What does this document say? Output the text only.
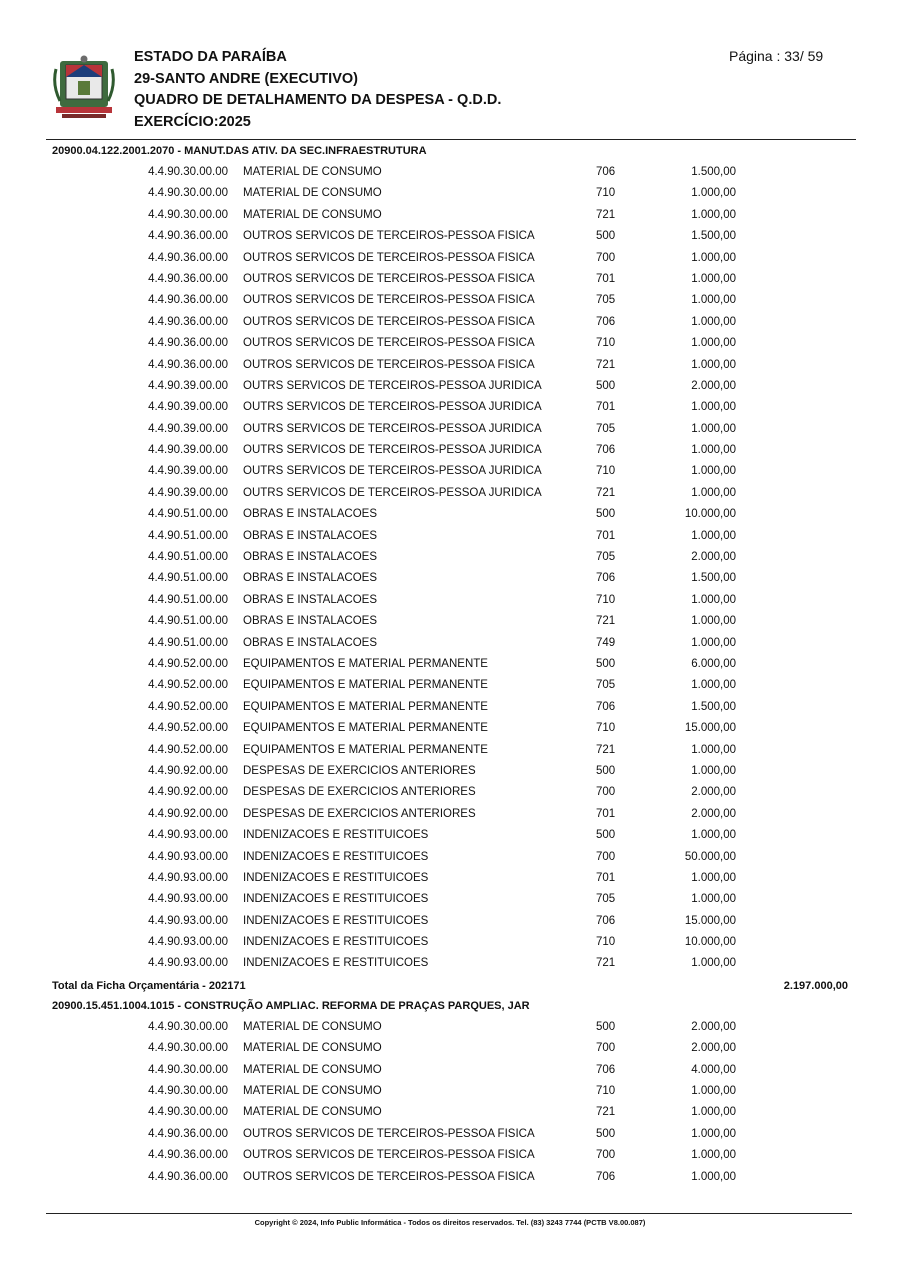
ESTADO DA PARAÍBA
29-SANTO ANDRE (EXECUTIVO)
QUADRO DE DETALHAMENTO DA DESPESA - Q.D.D.
EXERCÍCIO:2025
Página : 33/ 59
20900.04.122.2001.2070 - MANUT.DAS ATIV. DA SEC.INFRAESTRUTURA
4.4.90.30.00.00 MATERIAL DE CONSUMO	706	1.500,00
4.4.90.30.00.00 MATERIAL DE CONSUMO	710	1.000,00
4.4.90.30.00.00 MATERIAL DE CONSUMO	721	1.000,00
4.4.90.36.00.00 OUTROS SERVICOS DE TERCEIROS-PESSOA FISICA	500	1.500,00
4.4.90.36.00.00 OUTROS SERVICOS DE TERCEIROS-PESSOA FISICA	700	1.000,00
4.4.90.36.00.00 OUTROS SERVICOS DE TERCEIROS-PESSOA FISICA	701	1.000,00
4.4.90.36.00.00 OUTROS SERVICOS DE TERCEIROS-PESSOA FISICA	705	1.000,00
4.4.90.36.00.00 OUTROS SERVICOS DE TERCEIROS-PESSOA FISICA	706	1.000,00
4.4.90.36.00.00 OUTROS SERVICOS DE TERCEIROS-PESSOA FISICA	710	1.000,00
4.4.90.36.00.00 OUTROS SERVICOS DE TERCEIROS-PESSOA FISICA	721	1.000,00
4.4.90.39.00.00 OUTRS SERVICOS DE TERCEIROS-PESSOA JURIDICA	500	2.000,00
4.4.90.39.00.00 OUTRS SERVICOS DE TERCEIROS-PESSOA JURIDICA	701	1.000,00
4.4.90.39.00.00 OUTRS SERVICOS DE TERCEIROS-PESSOA JURIDICA	705	1.000,00
4.4.90.39.00.00 OUTRS SERVICOS DE TERCEIROS-PESSOA JURIDICA	706	1.000,00
4.4.90.39.00.00 OUTRS SERVICOS DE TERCEIROS-PESSOA JURIDICA	710	1.000,00
4.4.90.39.00.00 OUTRS SERVICOS DE TERCEIROS-PESSOA JURIDICA	721	1.000,00
4.4.90.51.00.00 OBRAS E INSTALACOES	500	10.000,00
4.4.90.51.00.00 OBRAS E INSTALACOES	701	1.000,00
4.4.90.51.00.00 OBRAS E INSTALACOES	705	2.000,00
4.4.90.51.00.00 OBRAS E INSTALACOES	706	1.500,00
4.4.90.51.00.00 OBRAS E INSTALACOES	710	1.000,00
4.4.90.51.00.00 OBRAS E INSTALACOES	721	1.000,00
4.4.90.51.00.00 OBRAS E INSTALACOES	749	1.000,00
4.4.90.52.00.00 EQUIPAMENTOS E MATERIAL PERMANENTE	500	6.000,00
4.4.90.52.00.00 EQUIPAMENTOS E MATERIAL PERMANENTE	705	1.000,00
4.4.90.52.00.00 EQUIPAMENTOS E MATERIAL PERMANENTE	706	1.500,00
4.4.90.52.00.00 EQUIPAMENTOS E MATERIAL PERMANENTE	710	15.000,00
4.4.90.52.00.00 EQUIPAMENTOS E MATERIAL PERMANENTE	721	1.000,00
4.4.90.92.00.00 DESPESAS DE EXERCICIOS ANTERIORES	500	1.000,00
4.4.90.92.00.00 DESPESAS DE EXERCICIOS ANTERIORES	700	2.000,00
4.4.90.92.00.00 DESPESAS DE EXERCICIOS ANTERIORES	701	2.000,00
4.4.90.93.00.00 INDENIZACOES E RESTITUICOES	500	1.000,00
4.4.90.93.00.00 INDENIZACOES E RESTITUICOES	700	50.000,00
4.4.90.93.00.00 INDENIZACOES E RESTITUICOES	701	1.000,00
4.4.90.93.00.00 INDENIZACOES E RESTITUICOES	705	1.000,00
4.4.90.93.00.00 INDENIZACOES E RESTITUICOES	706	15.000,00
4.4.90.93.00.00 INDENIZACOES E RESTITUICOES	710	10.000,00
4.4.90.93.00.00 INDENIZACOES E RESTITUICOES	721	1.000,00
Total da Ficha Orçamentária - 202171	2.197.000,00
20900.15.451.1004.1015 - CONSTRUÇÃO AMPLIAC. REFORMA DE PRAÇAS PARQUES, JAR
4.4.90.30.00.00 MATERIAL DE CONSUMO	500	2.000,00
4.4.90.30.00.00 MATERIAL DE CONSUMO	700	2.000,00
4.4.90.30.00.00 MATERIAL DE CONSUMO	706	4.000,00
4.4.90.30.00.00 MATERIAL DE CONSUMO	710	1.000,00
4.4.90.30.00.00 MATERIAL DE CONSUMO	721	1.000,00
4.4.90.36.00.00 OUTROS SERVICOS DE TERCEIROS-PESSOA FISICA	500	1.000,00
4.4.90.36.00.00 OUTROS SERVICOS DE TERCEIROS-PESSOA FISICA	700	1.000,00
4.4.90.36.00.00 OUTROS SERVICOS DE TERCEIROS-PESSOA FISICA	706	1.000,00
Copyright © 2024, Info Public Informática - Todos os direitos reservados. Tel. (83) 3243 7744 (PCTB V8.00.087)
